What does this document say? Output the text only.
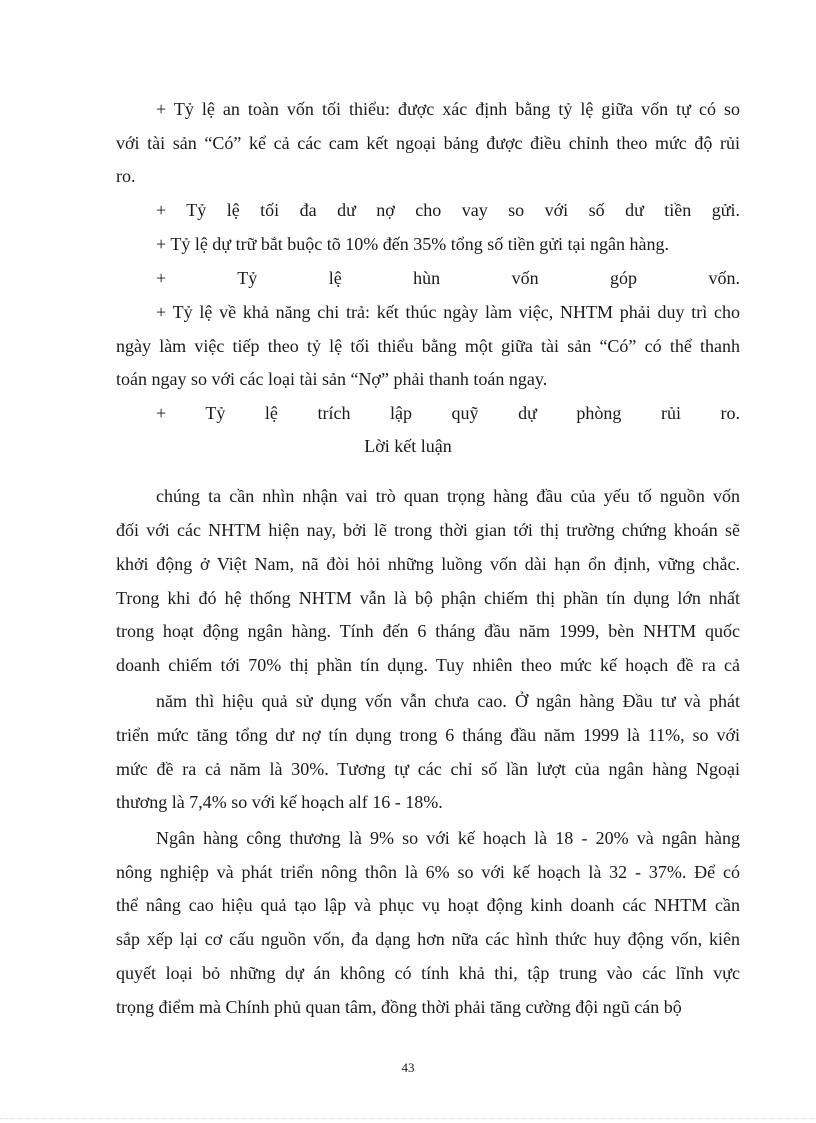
+ Tỷ lệ an toàn vốn tối thiểu: được xác định bằng tỷ lệ giữa vốn tự có so
với tài sản “Có” kể cả các cam kết ngoại bảng được điều chỉnh theo mức độ rủi
ro.
+ Tỷ lệ tối đa dư nợ cho vay so với số dư tiền gửi.
+ Tỷ lệ dự trữ bắt buộc tõ 10% đến 35% tổng số tiền gửi tại ngân hàng.
+ Tỷ lệ hùn vốn góp vốn.
+ Tỷ lệ về khả năng chi trả: kết thúc ngày làm việc, NHTM phải duy trì cho
ngày làm việc tiếp theo tỷ lệ tối thiểu bằng một giữa tài sản “Có” có thể thanh
toán ngay so với các loại tài sản “Nợ” phải thanh toán ngay.
+ Tỷ lệ trích lập quỹ dự phòng rủi ro.
Lời kết luận
chúng ta cần nhìn nhận vai trò quan trọng hàng đầu của yếu tố nguồn vốn
đối với các NHTM hiện nay, bởi lẽ trong thời gian tới thị trường chứng khoán sẽ
khởi động ở Việt Nam, nã đòi hỏi những luồng vốn dài hạn ổn định, vững chắc.
Trong khi đó hệ thống NHTM vẫn là bộ phận chiếm thị phần tín dụng lớn nhất
trong hoạt động ngân hàng. Tính đến 6 tháng đầu năm 1999, bèn NHTM quốc
doanh chiếm tới 70% thị phần tín dụng. Tuy nhiên theo mức kế hoạch đề ra cả
năm thì hiệu quả sử dụng vốn vẫn chưa cao. Ở ngân hàng Đầu tư và phát
triển mức tăng tổng dư nợ tín dụng trong 6 tháng đầu năm 1999 là 11%, so với
mức đề ra cả năm là 30%. Tương tự các chỉ số lần lượt của ngân hàng Ngoại
thương là 7,4% so với kế hoạch alf 16 - 18%.
Ngân hàng công thương là 9% so với kế hoạch là 18 - 20% và ngân hàng
nông nghiệp và phát triển nông thôn là 6% so với kế hoạch là 32 - 37%. Để có
thể nâng cao hiệu quả tạo lập và phục vụ hoạt động kinh doanh các NHTM cần
sắp xếp lại cơ cấu nguồn vốn, đa dạng hơn nữa các hình thức huy động vốn, kiên
quyết loại bỏ những dự án không có tính khả thi, tập trung vào các lĩnh vực
trọng điểm mà Chính phủ quan tâm, đồng thời phải tăng cường đội ngũ cán bộ
43
